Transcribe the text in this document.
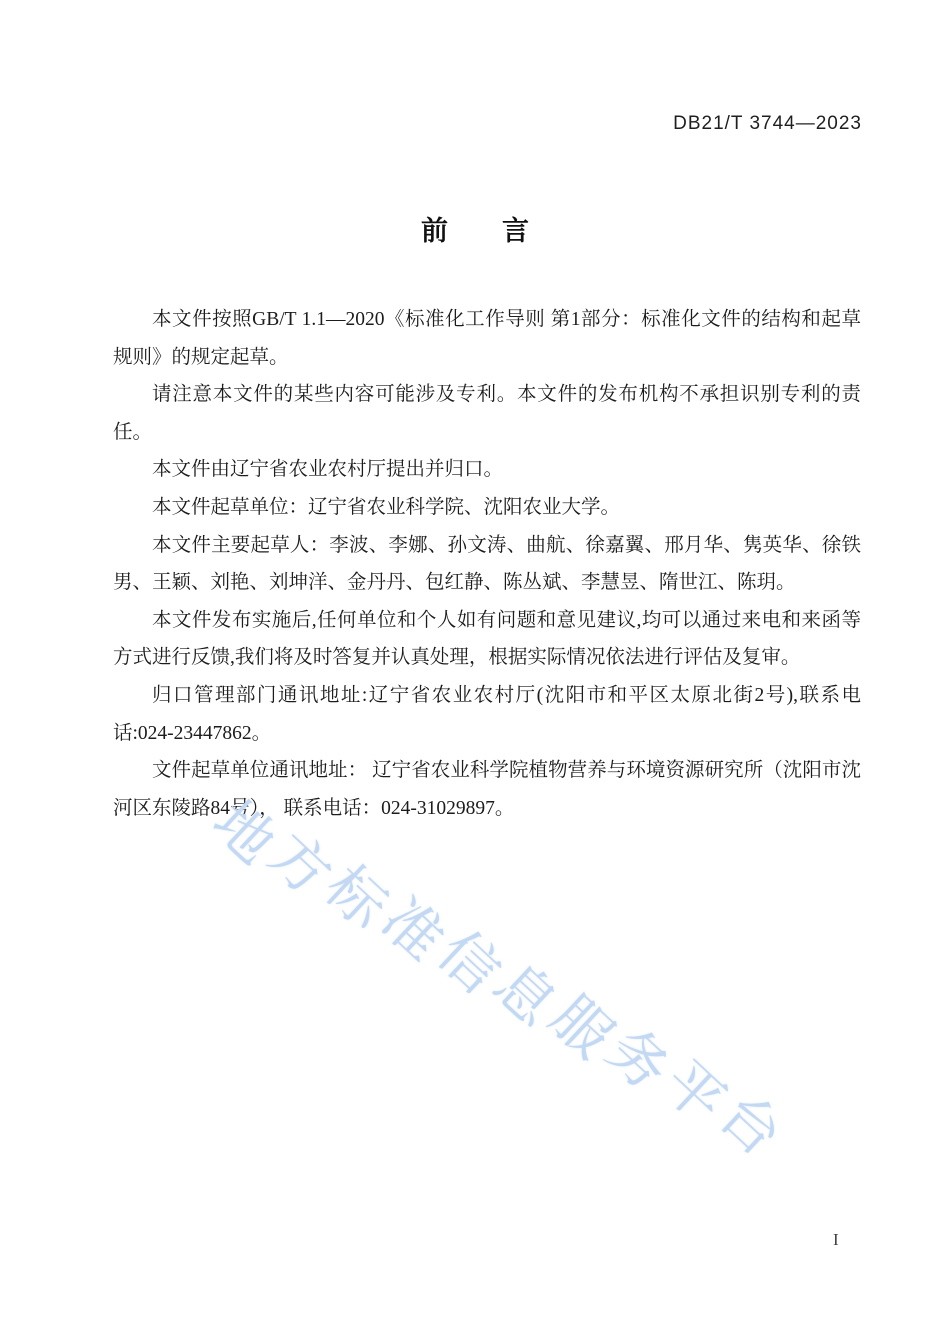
DB21/T 3744—2023
前　　言

本文件按照GB/T 1.1—2020《标准化工作导则 第1部分：标准化文件的结构和起草规则》的规定起草。

请注意本文件的某些内容可能涉及专利。本文件的发布机构不承担识别专利的责任。

本文件由辽宁省农业农村厅提出并归口。

本文件起草单位：辽宁省农业科学院、沈阳农业大学。

本文件主要起草人：李波、李娜、孙文涛、曲航、徐嘉翼、邢月华、隽英华、徐铁男、王颖、刘艳、刘坤洋、金丹丹、包红静、陈丛斌、李慧昱、隋世江、陈玥。

本文件发布实施后,任何单位和个人如有问题和意见建议,均可以通过来电和来函等方式进行反馈,我们将及时答复并认真处理，根据实际情况依法进行评估及复审。

归口管理部门通讯地址:辽宁省农业农村厅(沈阳市和平区太原北街2号),联系电话:024-23447862。

文件起草单位通讯地址： 辽宁省农业科学院植物营养与环境资源研究所（沈阳市沈河区东陵路84号）， 联系电话：024-31029897。

地方标准信息服务平台
I
